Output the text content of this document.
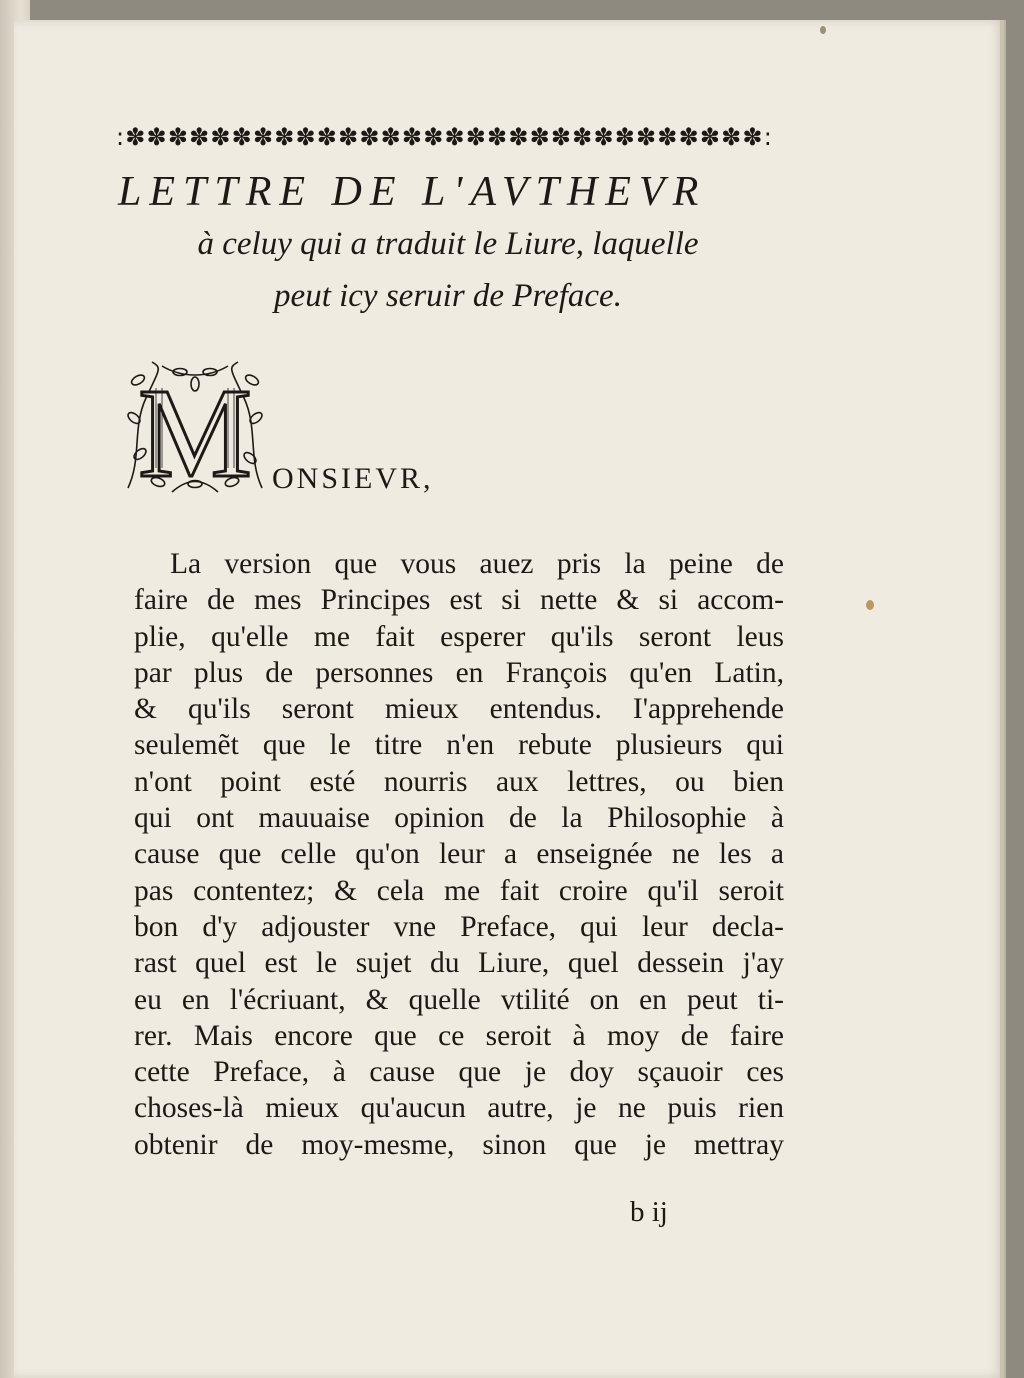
: ✽ ✽ ✽ ✽ ✽ ✽ ✽ ✽ ✽ ✽ ✽ ✽ ✽ ✽ ✽ ✽ ✽ ✽ ✽ ✽ ✽ ✽ ✽ ✽ ✽ ✽ ✽ ✽ ✽ ✽ :
LETTRE DE L'AVTHEVR
à celuy qui a traduit le Liure, laquelle
peut icy seruir de Preface.
M ONSIEVR,
La version que vous auez pris la peine de
faire de mes Principes est si nette & si accom-
plie, qu'elle me fait esperer qu'ils seront leus
par plus de personnes en François qu'en Latin,
& qu'ils seront mieux entendus. I'apprehende
seulemẽt que le titre n'en rebute plusieurs qui
n'ont point esté nourris aux lettres, ou bien
qui ont mauuaise opinion de la Philosophie à
cause que celle qu'on leur a enseignée ne les a
pas contentez; & cela me fait croire qu'il seroit
bon d'y adjouster vne Preface, qui leur decla-
rast quel est le sujet du Liure, quel dessein j'ay
eu en l'écriuant, & quelle vtilité on en peut ti-
rer. Mais encore que ce seroit à moy de faire
cette Preface, à cause que je doy sçauoir ces
choses-là mieux qu'aucun autre, je ne puis rien
obtenir de moy-mesme, sinon que je mettray
b ij
